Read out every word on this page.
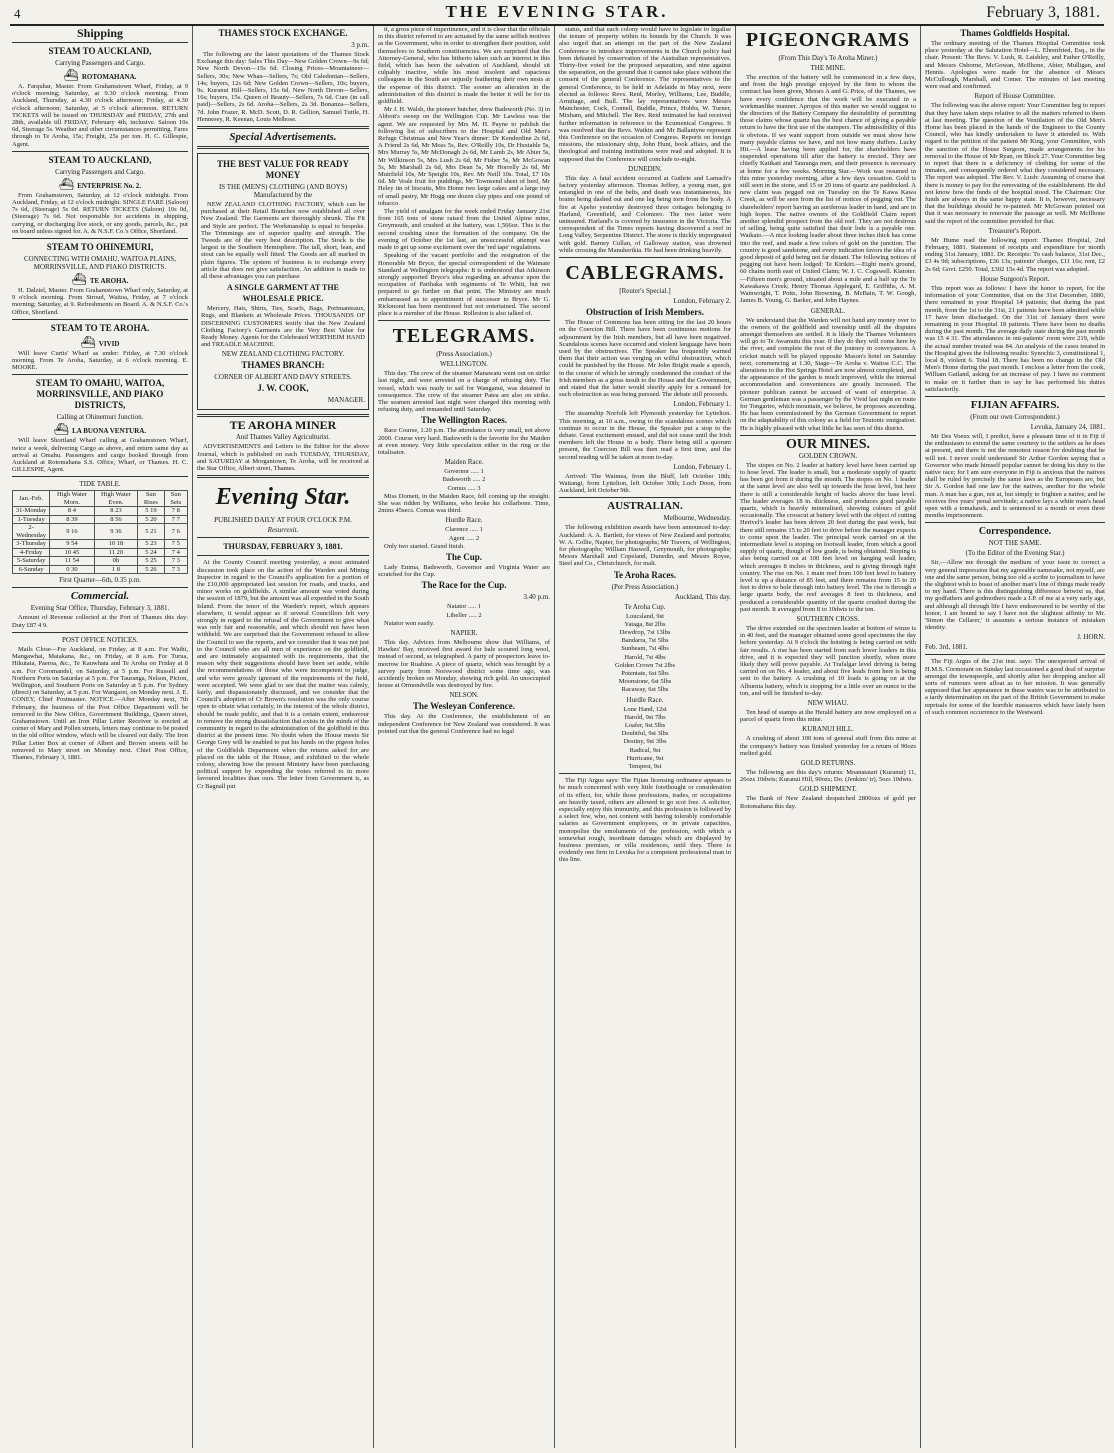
4	THE EVENING STAR.	February 3, 1881.
Shipping
STEAM TO AUCKLAND,
Carrying Passengers and Cargo.
⛴ ROTOMAHANA.

A. Farquhar, Master. From Grahamstown Wharf, Friday, at 9 o'clock morning; Saturday, at 9.30 o'clock morning. From Auckland, Thursday, at 4.30 o'clock afternoon; Friday, at 4.30 o'clock afternoon; Saturday, at 5 o'clock afternoon. RETURN TICKETS will be issued on THURSDAY and FRIDAY, 27th and 28th, available till FRIDAY, February 4th, inclusive. Saloon 10s 6d, Steerage 5s. Weather and other circumstances permitting. Fares through to Te Aroha, 15s; Freight, 25s per ton. H. C. Gillespie, Agent.

STEAM TO AUCKLAND,
Carrying Passengers and Cargo.
⛴ ENTERPRISE No. 2.

From Grahamstown, Saturday, at 12 o'clock midnight. From Auckland, Friday, at 12 o'clock midnight. SINGLE FARE (Saloon) 7s 6d, (Steerage) 5s 0d. RETURN TICKETS (Saloon) 10s 0d, (Steerage) 7s 6d. Not responsible for accidents in shipping, carrying, or discharging live stock, or any goods, parcels, &c., put on board unless signed for. A. & N.S.F. Co.'s Office, Shortland.

STEAM TO OHINEMURI,
CONNECTING WITH OMAHU, WAITOA PLAINS, MORRINSVILLE, AND PIAKO DISTRICTS.
⛴ TE AROHA.

H. Dalziel, Master. From Grahamstown Wharf only, Saturday, at 9 o'clock morning. From Stroud, Waitoa, Friday, at 7 o'clock morning; Saturday, at 9. Refreshments on Board. A. & N.S.F. Co.'s Office, Shortland.

STEAM TO TE AROHA.
⛴ VIVID

Will leave Curtis' Wharf as under: Friday, at 7.30 o'clock morning. From Te Aroha, Saturday, at 6 o'clock morning. E. MOORE.

STEAM TO OMAHU, WAITOA, MORRINSVILLE, AND PIAKO DISTRICTS,
Calling at Ohinemuri Junction.
⛴ LA BUONA VENTURA.

Will leave Shortland Wharf calling at Grahamstown Wharf, twice a week, delivering Cargo as above, and return same day as arrival at Omahu. Passengers and cargo booked through from Auckland at Rotomahana S.S. Office, Wharf, or Thames. H. C. GILLESPIE, Agent.

TIDE TABLE.
Jan.-Feb.	High Water Morn.	High Water Even.	Sun Rises	Sun Sets
31-Monday	8 4	8 23	5 19	7 8
1-Tuesday	8 39	8 56	5 20	7 7
2-Wednesday	9 16	9 36	5 21	7 6
3-Thursday	9 54	10 18	5 23	7 5
4-Friday	10 45	11 20	5 24	7 4
5-Saturday	11 54	0h	5 25	7 3
6-Sunday	0 30	1 8	5 26	7 3
First Quarter—6th, 0.35 p.m.
Commercial.
Evening Star Office, Thursday, February 3, 1881.

Amount of Revenue collected at the Port of Thames this day: Duty £87 4 9.

POST OFFICE NOTICES.

Mails Close—For Auckland, on Friday, at 8 a.m. For Waihi, Mangawhai, Matakana, &c., on Friday, at 8 a.m. For Turua, Hikutaia, Paeroa, &c., Te Kauwhata and Te Aroha on Friday at 8 a.m. For Coromandel, on Saturday, at 5 p.m. For Russell and Northern Ports on Saturday at 5 p.m. For Tauranga, Nelson, Picton, Wellington, and Southern Ports on Saturday at 5 p.m. For Sydney (direct) on Saturday, at 5 p.m. For Wangarei, on Monday next. J. E. CONEY, Chief Postmaster. NOTICE.—After Monday next, 7th February, the business of the Post Office Department will be removed to the New Office, Government Buildings, Queen street, Grahamstown. Until an Iron Pillar Letter Receiver is erected at corner of Mary and Pollen streets, letters may continue to be posted in the old office window, which will be cleared out daily. The Iron Pillar Letter Box at corner of Albert and Brown streets will be removed to Mary street on Monday next. Chief Post Office, Thames, February 3, 1881.

THAMES STOCK EXCHANGE.
3 p.m.

The following are the latest quotations of the Thames Stock Exchange this day: Sales This Day—New Golden Crown—9s 6d; New North Devon—15s 6d. Closing Prices—Mountaineer—Sellers, 30s; New Whau—Sellers, 7s; Old Caledonian—Sellers, 14s; buyers, 12s 6d; New Golden Crown—Sellers, 10s; buyers, 9s. Kuranui Hill—Sellers, 15s 6d. New North Devon—Sellers, 16s; buyers, 15s. Queen of Beauty—Sellers, 7s 6d. Cure (in call paid)—Sellers, 2s 6d. Aroha—Sellers, 2s 3d. Bonanza—Sellers, 7d. John Frazer, R. McD. Scott, D. R. Gellion, Samuel Tuttle, H. Hennesey, R. Keenan, Louis Melhose.

Special Advertisements.
THE BEST VALUE FOR READY MONEY
IS THE (MEN'S) CLOTHING (AND BOYS) Manufactured by the

NEW ZEALAND CLOTHING FACTORY, which can be purchased at their Retail Branches now established all over New Zealand. The Garments are thoroughly shrunk. The Fit and Style are perfect. The Workmanship is equal to bespoke. The Trimmings are of superior quality and strength. The Tweeds are of the very best description. The Stock is the largest in the Southern Hemisphere. The tall, short, lean, and stout can be equally well fitted. The Goods are all marked in plain figures. The system of business is to exchange every article that does not give satisfaction. An addition is made to all these advantages you can purchase

A SINGLE GARMENT AT THE WHOLESALE PRICE.

Mercery, Hats, Shirts, Ties, Scarfs, Bags, Portmanteaux, Rugs, and Blankets at Wholesale Prices. THOUSANDS OF DISCERNING CUSTOMERS testify that the New Zealand Clothing Factory's Garments are the Very Best Value for Ready Money. Agents for the Celebrated WERTHEIM HAND and TREADLE MACHINE.

NEW ZEALAND CLOTHING FACTORY.
THAMES BRANCH:
CORNER OF ALBERT AND DAVY STREETS.
J. W. COOK,
MANAGER.
TE AROHA MINER
And Thames Valley Agriculturist.

ADVERTISEMENTS and Letters to the Editor for the above Journal, which is published on each TUESDAY, THURSDAY, and SATURDAY at Morgantown, Te Aroha, will be received at the Star Office, Albert street, Thames.

Evening Star.
PUBLISHED DAILY AT FOUR O'CLOCK P.M.
Resurrexit.
THURSDAY, FEBRUARY 3, 1881.

At the County Council meeting yesterday, a most animated discussion took place on the action of the Warden and Mining Inspector in regard to the Council's application for a portion of the £10,000 appropriated last session for roads, and tracks, and minor works on goldfields. A similar amount was voted during the session of 1879, but the amount was all expended in the South Island. From the tenor of the Warden's report, which appears elsewhere, it would appear as if several Councillors felt very strongly in regard to the refusal of the Government to give what was only fair and reasonable, and which should not have been withheld. We are surprised that the Government refused to allow the Council to see the reports, and we consider that it was not just to the Council who are all men of experience on the goldfield, and are intimately acquainted with its requirements, that the reason why their suggestions should have been set aside, while the recommendations of those who were incompetent to judge, and who were grossly ignorant of the requirements of the field, were accepted. We were glad to see that the matter was calmly, fairly, and dispassionately discussed, and we consider that the Council's adoption of Cr Brown's resolution was the only course open to obtain what certainly, in the interest of the whole district, should be made public, and that it is a certain extent, endeavour to remove the strong dissatisfaction that exists in the minds of the community in regard to the administration of the goldfield in this district at the present time. No doubt when the House meets Sir George Grey will be enabled to put his hands on the pigeon holes of the Goldfields Department when the returns asked for are placed on the table of the House, and exhibited to the whole colony, showing how the present Ministry have been purchasing political support by expending the votes referred to in more favoured localities than ours. The letter from Government is, as Cr Bagnall put

it, a gross piece of impertinence, and it is clear that the officials in this district referred to are actuated by the same selfish motives as the Government, who in order to strengthen their position, sold themselves to Southern constituencies. We are surprised that the Attorney-General, who has hitherto taken such an interest in this field, which has been the salvation of Auckland, should sit culpably inactive, while his most insolent and rapacious colleagues in the South are unjustly feathering their own nests at the expense of this district. The sooner an alteration in the administration of this district is made the better it will be for its goldfield.

Mr J. H. Walsh, the pioneer butcher, drew Badsworth (No. 3) in Abbott's sweep on the Wellington Cup. Mr Lawless was the agent. We are requested by Mrs M. H. Payne to publish the following list of subscribers to the Hospital and Old Men's Refuge Christmas and New Year's dinner: Dr Kenderdine 2s 6d, A Friend 2s 6d, Mr Moss 5s, Rev. O'Reilly 10s, Dr Huxtable 5s, Mrs Murray 5s, Mr McDonagh 2s 6d, Mr Lamb 2s, Mr Abier 5s, Mr Wilkinson 5s, Mrs Lush 2s 6d, Mr Fisher 5s, Mr McGowan 5s, Mr Marshall 2s 6d, Mrs Dean 5s, Mr Horrelly 2s 6d, Mr Muirfield 10s, Mr Speight 10s, Rev. Mr Neill 10s. Total, £7 10s 6d. Mr Veale fruit for puddings, Mr Townsend sheet of beef, Mr Heley tin of biscuits, Mrs Home two large cakes and a large tray of small pastry, Mr Hogg one dozen clay pipes and one pound of tobacco.

The yield of amalgam for the week ended Friday January 21st from 165 tons of stone raised from the United Alpine mine, Greymouth, and crushed at the battery, was 1,566oz. This is the second crushing since the formation of the company. On the evening of October the 1st last, an unsuccessful attempt was made to get up some excitement over the 'red tape' regulations.

Speaking of the vacant portfolio and the resignation of the Honorable Mr Bryce, the special correspondent of the Waimate Standard at Wellington telegraphs: It is understood that Atkinson strongly supported Bryce's idea regarding an advance upon the occupation of Parihaka with regiments of Te Whiti, but not prepared to go further on that point. The Ministry are much embarrassed as to appointment of successor to Bryce. Mr G. Rickmond has been mentioned but not entertained. The second place is a member of the House. Rolleston is also talked of.

TELEGRAMS.
(Press Association.)
WELLINGTON.

This day. The crew of the steamer Manawatu went out on strike last night, and were arrested on a charge of refusing duty. The vessel, which was ready to sail for Wanganui, was detained in consequence. The crew of the steamer Patea are also on strike. The seamen arrested last night were charged this morning with refusing duty, and remanded until Saturday.

The Wellington Races.

Race Course, 1.20 p.m. The attendance is very small, not above 2000. Course very hard. Badsworth is the favorite for the Maiden at even money. Very little speculation either in the ring or the totalisator.

Maiden Race.

Governor ..... 1

Badsworth ..... 2

Comus ..... 3

Miss Domett, in the Maiden Race, fell coming up the straight. She was ridden by Williams, who broke his collarbone. Time, 2mins 45secs. Comus was third.

Hurdle Race.

Clarence ..... 1

Agent ..... 2

Only two started. Grand finish.

The Cup.

Lady Emma, Badsworth, Governor and Virginia Water are scratched for the Cup.

The Race for the Cup.
3.40 p.m.

Natator ..... 1

Libeller ..... 2

Natator won easily.

NAPIER.

This day. Advices from Melbourne show that Williams, of Hawkes' Bay, received first award for bale scoured long wool, instead of second, as telegraphed. A party of prospectors leave to-morrow for Ruahine. A piece of quartz, which was brought by a survey party from Norswood district some time ago, was accidently broken on Monday, showing rich gold. An unoccupied house at Ormondville was destroyed by fire.

NELSON.
The Wesleyan Conference.

This day. At the Conference, the establishment of an independent Conference for New Zealand was considered. It was pointed out that the general Conference had no legal

status, and that each colony would have to legislate to legalise the tenure of property within its bounds by the Church. It was also urged that an attempt on the part of the New Zealand Conference to introduce improvements in the Church policy had been defeated by conservation of the Australian representatives. Thirty-five voted for the proposed separation, and nine against the separation, on the ground that it cannot take place without the consent of the general Conference. The representatives to the general Conference, to be held in Adelaide in May next, were elected as follows: Revs. Reid, Morley, Williams, Lee, Buddle, Armitage, and Bull. The lay representatives were Messrs Manchester, Cock, Connell, Buddle, Prince, Hobbs, W. Turner, Mixham, and Mitchell. The Rev. Reid intimated he had received further information in reference to the Ecumenical Congress. It was resolved that the Revs. Watkin and Mr Ballantyne represent this Conference on the occasion of Congress. Reports on foreign missions, the missionary ship, John Hunt, book affairs, and the theological and training institutions were read and adopted. It is supposed that the Conference will conclude to-night.

DUNEDIN.

This day. A fatal accident occurred at Guthrie and Larnach's factory yesterday afternoon. Thomas Jeffrey, a young man, got entangled in one of the belts, and death was instantaneous, his brains being dashed out and one leg being torn from the body. A fire at Apeho yesterday destroyed three cottages belonging to Harland, Greenfield, and Colomoro. The two latter were uninsured. Harland's is covered by insurance in the Victoria. The correspondent of the Times reports having discovered a reef in Long Valley, Serpentine District. The stone is thickly impregnated with gold. Barney Cullan, of Galloway station, was drowned while crossing the Manuherikia. He had been drinking heavily.

CABLEGRAMS.
[Reuter's Special.]
London, February 2.
Obstruction of Irish Members.

The House of Commons has been sitting for the last 20 hours on the Coercion Bill. There have been continuous motions for adjournment by the Irish members, but all have been negatived. Scandalous scenes have occurred and violent language have been used by the obstructives. The Speaker has frequently warned them that their action was verging on wilful obstruction, which could be punished by the House. Mr John Bright made a speech, in the course of which he strongly condemned the conduct of the Irish members as a gross insult to the House and the Government, and stated that the latter would shortly apply for a remand for such obstruction as was being pursued. The debate still proceeds.

London, February 1.

The steamship Norfolk left Plymouth yesterday for Lyttelton. This morning, at 10 a.m., owing to the scandalous scenes which continue to occur in the House, the Speaker put a stop to the debate. Great excitement ensued, and did not cease until the Irish members left the House in a body. There being still a quorum present, the Coercion Bill was then read a first time, and the second reading will be taken at noon to-day.

London, February 1.

Arrived: The Waimea, from the Bluff, left October 18th; Waitangi, from Lyttelton, left October 30th; Loch Doon, from Auckland, left October 9th.

AUSTRALIAN.
Melbourne, Wednesday.

The following exhibition awards have been announced to-day: Auckland: A. A. Bartlett, for views of New Zealand and portraits; W. A. Collie, Napier, for photographs; Mr Travers, of Wellington, for photographs; William Haswell, Greymouth, for photographs; Messrs Marshall and Copeland, Dunedin, and Messrs Royse, Steel and Co., Christchurch, for malt.

Te Aroha Races.
(Per Press Association.)
Auckland, This day.
Te Aroha Cup.

Loucsland, 9st

Yataga, 8st 2lbs

Dewdrop, 7st 13lbs

Bandarra, 7st 5lbs

Sunbeam, 7st 4lbs

Harold, 7st 4lbs

Golden Crown 7st 2lbs

Potentate, 6st 5lbs

Moonstone, 6st 5lbs

Racaway, 6st 5lbs

Hurdle Race.

Lone Hand, 12st

Harold, 9st 7lbs

Loafer, 9st 5lbs

Doubtful, 9st 3lbs

Destiny, 9st 3lbs

Radical, 9st

Hurricane, 9st

Tempest, 9st

The Fiji Argus says: The Fijian licensing ordinance appears to be much concerned with very little forethought or consideration of its effect, for, while those professions, trades, or occupations are heavily taxed, others are allowed to go scot free. A solicitor, especially enjoy this immunity, and this profession is followed by a select few, who, not content with having tolerably comfortable salaries as Government employees, or in private capacities, monopolise the emoluments of the profession, with which a somewhat rough, inordinate damages which are displayed by business premises, or villa residences, until they. There is evidently one firm in Levuka for a competent professional man in this line.

PIGEONGRAMS
(From This Day's Te Aroha Miner.)
THE MINE.

The erection of the battery will be commenced in a few days, and from the high prestige enjoyed by the firm to whom the contract has been given, Messrs A and G. Price, of the Thames, we have every confidence that the work will be executed in a workmanlike manner. Apropos of this matter we would suggest to the directors of the Battery Company the desirability of permitting those claims whose quartz has the best chance of giving a payable return to have the first use of the stampers. The admissibility of this is obvious. If we want support from outside we must show how many payable claims we have, and not how many duffers. Lucky Hit.—A lease having been applied for, the shareholders have suspended operations till after the battery is erected. They are chiefly Katikati and Tauranga men, and their presence is necessary at home for a few weeks. Morning Star.—Work was resumed in this mine yesterday morning, after a few days cessation. Gold is still seen in the stone, and 15 or 20 tons of quartz are paddocked. A new claim was pegged out on Tuesday on the Te Kawa Kawa Creek, as will be seen from the list of notices of pegging out. The shareholders' report having an auriferous leader in hand, and are in high hopes. The native owners of the Goldfield Claim report another splendid prospect from the old reef. They are not desirous of selling, being quite satisfied that their lode is a payable one. Waikato.—A nice looking leader about three inches thick has come into the reef, and made a few colors of gold on the junction. The country is good sandstone, and every indication favors the idea of a good deposit of gold being not far distant. The following notices of pegging out have been lodged: Te Kirikiri.—Eight men's ground, 60 chains north east of United Claim; W. J. C. Cogswell. Kiatoter.—Fifteen men's ground, situated about a mile and a half up the Te Kawakawa Creek; Henry Thomas Applegard, E. Griffiths, A. M. Wainwright, T. Potts, John Browning, B. McBain, T. W. Googh, James B. Young, G. Barker, and John Haynes.

GENERAL.

We understand that the Warden will not hand any money over to the owners of the goldfield and township until all the disputes amongst themselves are settled. It is likely the Thames Volunteers will go to Te Awamutu this year. If they do they will come here by the river, and complete the rest of the journey in conveyances. A cricket match will be played opposite Mason's hotel on Saturday next, commencing at 1.30, Stage—Te Aroha v. Waitoa C.C. The alterations to the Hot Springs Hotel are now almost completed, and the appearance of the garden is much improved, while the internal accommodation and conveniences are greatly increased. The pioneer publican cannot be accused of want of enterprise. A German gentleman was a passenger by the Vivid last night en route for Tongariro, which mountain, we believe, he proposes ascending. He has been commissioned by the German Government to report on the adaptability of this colony as a field for Teutonic emigration. He is highly pleased with what little he has seen of this district.

OUR MINES.
GOLDEN CROWN.

The stopes on No. 2 leader at battery level have been carried up to hose level. The leader is small, but a moderate supply of quartz has been got from it during the month. The stopes on No. 1 leader at the same level are also well up towards the hose level, but here there is still a considerable height of backs above the base level. The leader averages 18 in. thickness, and produces good payable quartz, which is heavily mineralised, showing colours of gold occasionally. The crosscut at battery level with the object of cutting Herivel's leader has been driven 20 feet during the past week, but there still remains 15 to 20 feet to drive before the manager expects to come upon the leader. The principal work carried on at the intermediate level is stoping on footwall leader, from which a good supply of quartz, though of low grade, is being obtained. Stoping is also being carried on at 100 feet level on hanging wall leader, which averages 8 inches in thickness, and is giving through tight country. The rise on No. 1 main reef from 100 feet level to battery level is up a distance of 85 feet, and there remains from 15 to 20 feet to drive to hole through into battery level. The rise is through a large quartz body, the reef averages 8 feet in thickness, and produced a considerable quantity of the quartz crushed during the past month. It averaged from 8 to 10dwts to the ton.

SOUTHERN CROSS.

The drive extended on the specimen leader at bottom of winze is in 40 feet, and the manager obtained some good specimens the day before yesterday. At 9 o'clock the hoisting is being carried on with fair results. A rise has been started from each lower leaders in this drive, and it is expected they will junction shortly, when more likely they will prove payable. At Trafalgar level driving is being carried on on No. 4 leader, and about five leads from here is being sent to the battery. A crushing of 10 loads is going on at the Alburnia battery, which is stopping for a little over an ounce to the ton, and will be finished to-day.

NEW WHAU.

Ten head of stamps at the Herald battery are now employed on a parcel of quartz from this mine.

KURANUI HILL.

A crushing of about 100 tons of general stuff from this mine at the company's battery was finished yesterday for a return of 90ozs melted gold.

GOLD RETURNS.

The following are this day's returns: Moanataiari (Kuranui) 11, 26ozs 10dwts; Kuranui Hill, 90ozs; Do. (Jenkins' tr), 5ozs 10dwts.

GOLD SHIPMENT.

The Bank of New Zealand despatched 2800ozs of gold per Rotomahana this day.

Thames Goldfields Hospital.

The ordinary meeting of the Thames Hospital Committee took place yesterday at the Salutation Hotel—L. Ehrenfried, Esq., in the chair. Present: The Revs. V. Lush, R. Laishley, and Father O'Reilly, and Messrs Osborne, McGowan, McIlhone, Abier, Mulligan, and Hennis. Apologies were made for the absence of Messrs McCullough, Marshall, and Comer. The minutes of last meeting were read and confirmed.

Report of House Committee.

The following was the above report: Your Committee beg to report that they have taken steps relative to all the matters referred to them at last meeting. The question of the Ventilation of the Old Men's Home has been placed in the hands of the Engineer to the County Council, who has kindly undertaken to have it attended to. With regard to the petition of the patient Mr King, your Committee, with the sanction of the House Surgeon, made arrangements for his removal to the House of Mr Ryan, on Block 27. Your Committee beg to report that there is a deficiency of clothing for some of the inmates, and consequently ordered what they considered necessary. The report was adopted. The Rev. V. Lush: Assuming of course that there is money to pay for the renovating of the establishment. He did not know how the funds of the hospital stood. The Chairman: Our funds are always in the same happy state. It is, however, necessary that the buildings should be re-painted. Mr McGowan pointed out that it was necessary to renovate the passage as well. Mr McIlhone said the report of the committee provided for that.

Treasurer's Report.

Mr Hume read the following report: Thames Hospital, 2nd February, 1881. Statement of receipts and expenditure for month ending 31st January, 1881. Dr. Receipts: To cash balance, 31st Dec., £3 4s 9d; subscriptions, £36 13s; patients' charges, £11 16s; rent, £2 2s 6d; Govt. £250. Total, £302 15s 4d. The report was adopted.

House Surgeon's Report.

This report was as follows: I have the honor to report, for the information of your Committee, that on the 31st December, 1880, there remained in your Hospital 14 patients; that during the past month, from the 1st to the 31st, 21 patients have been admitted while 17 have been discharged. On the 31st of January there were remaining in your Hospital 18 patients. There have been no deaths during the past month. The average daily state during the past month was 15 4 31. The attendances in out-patients' room were 219, while the actual number treated was 84. An analysis of the cases treated in the Hospital gives the following results: Synochic 3, constitutional 1, local 8, violent 6. Total 18. There has been no change in the Old Men's Home during the past month. I enclose a letter from the cook, William Gatland, asking for an increase of pay. I have no comment to make on it farther than to say he has performed his duties satisfactorily.

FIJIAN AFFAIRS.
(From our own Correspondent.)
Levuka, January 24, 1881.

Mr Des Voeux will, I predict, have a pleasant time of it in Fiji if the enthusiasm to extend the same courtesy to the settlers as he does at present, and there is not the remotest reason for doubting that he will not. I never could understand Sir Arthur Gordon saying that a Governor who made himself popular cannot be doing his duty to the native race; for I am sure everyone in Fiji is anxious that the natives shall be ruled by precisely the same laws as the Europeans are, but Sir A. Gordon had one law for the natives, another for the whole man. A man has a gun, not at, but simply to frighten a native, and he receives five years' penal servitude; a native lays a white man's head open with a tomahawk, and is sentenced to a month or even three months imprisonment.

Correspondence.
NOT THE SAME.
(To the Editor of the Evening Star.)

Sir,—Allow me through the medium of your issue to correct a very general impression that my agreeable namesake, not myself, are one and the same person, being too old a scribe to journalism to have the slightest wish to boast of another man's line of things made ready to my hand. There is this distinguishing difference betwixt us, that my godfathers and godmothers made a J.P. of me at a very early age, and although all through life I have endeavoured to be worthy of the honor, I am bound to say I have not the slightest affinity to Mr. 'Simon the Cellarer,' it assumes a serious instance of mistaken identity.

J. HORN.
Feb. 3rd, 1881.

The Fiji Argus of the 21st inst. says: The unexpected arrival of H.M.S. Cormorant on Sunday last occasioned a good deal of surprise amongst the townspeople, and shortly after her dropping anchor all sorts of rumours were afloat as to her mission. It was generally supposed that her appearance in these waters was to be attributed to a tardy determination on the part of the British Government to make reprisals for some of the horrible massacres which have lately been of such common occurrence to the Westward.
